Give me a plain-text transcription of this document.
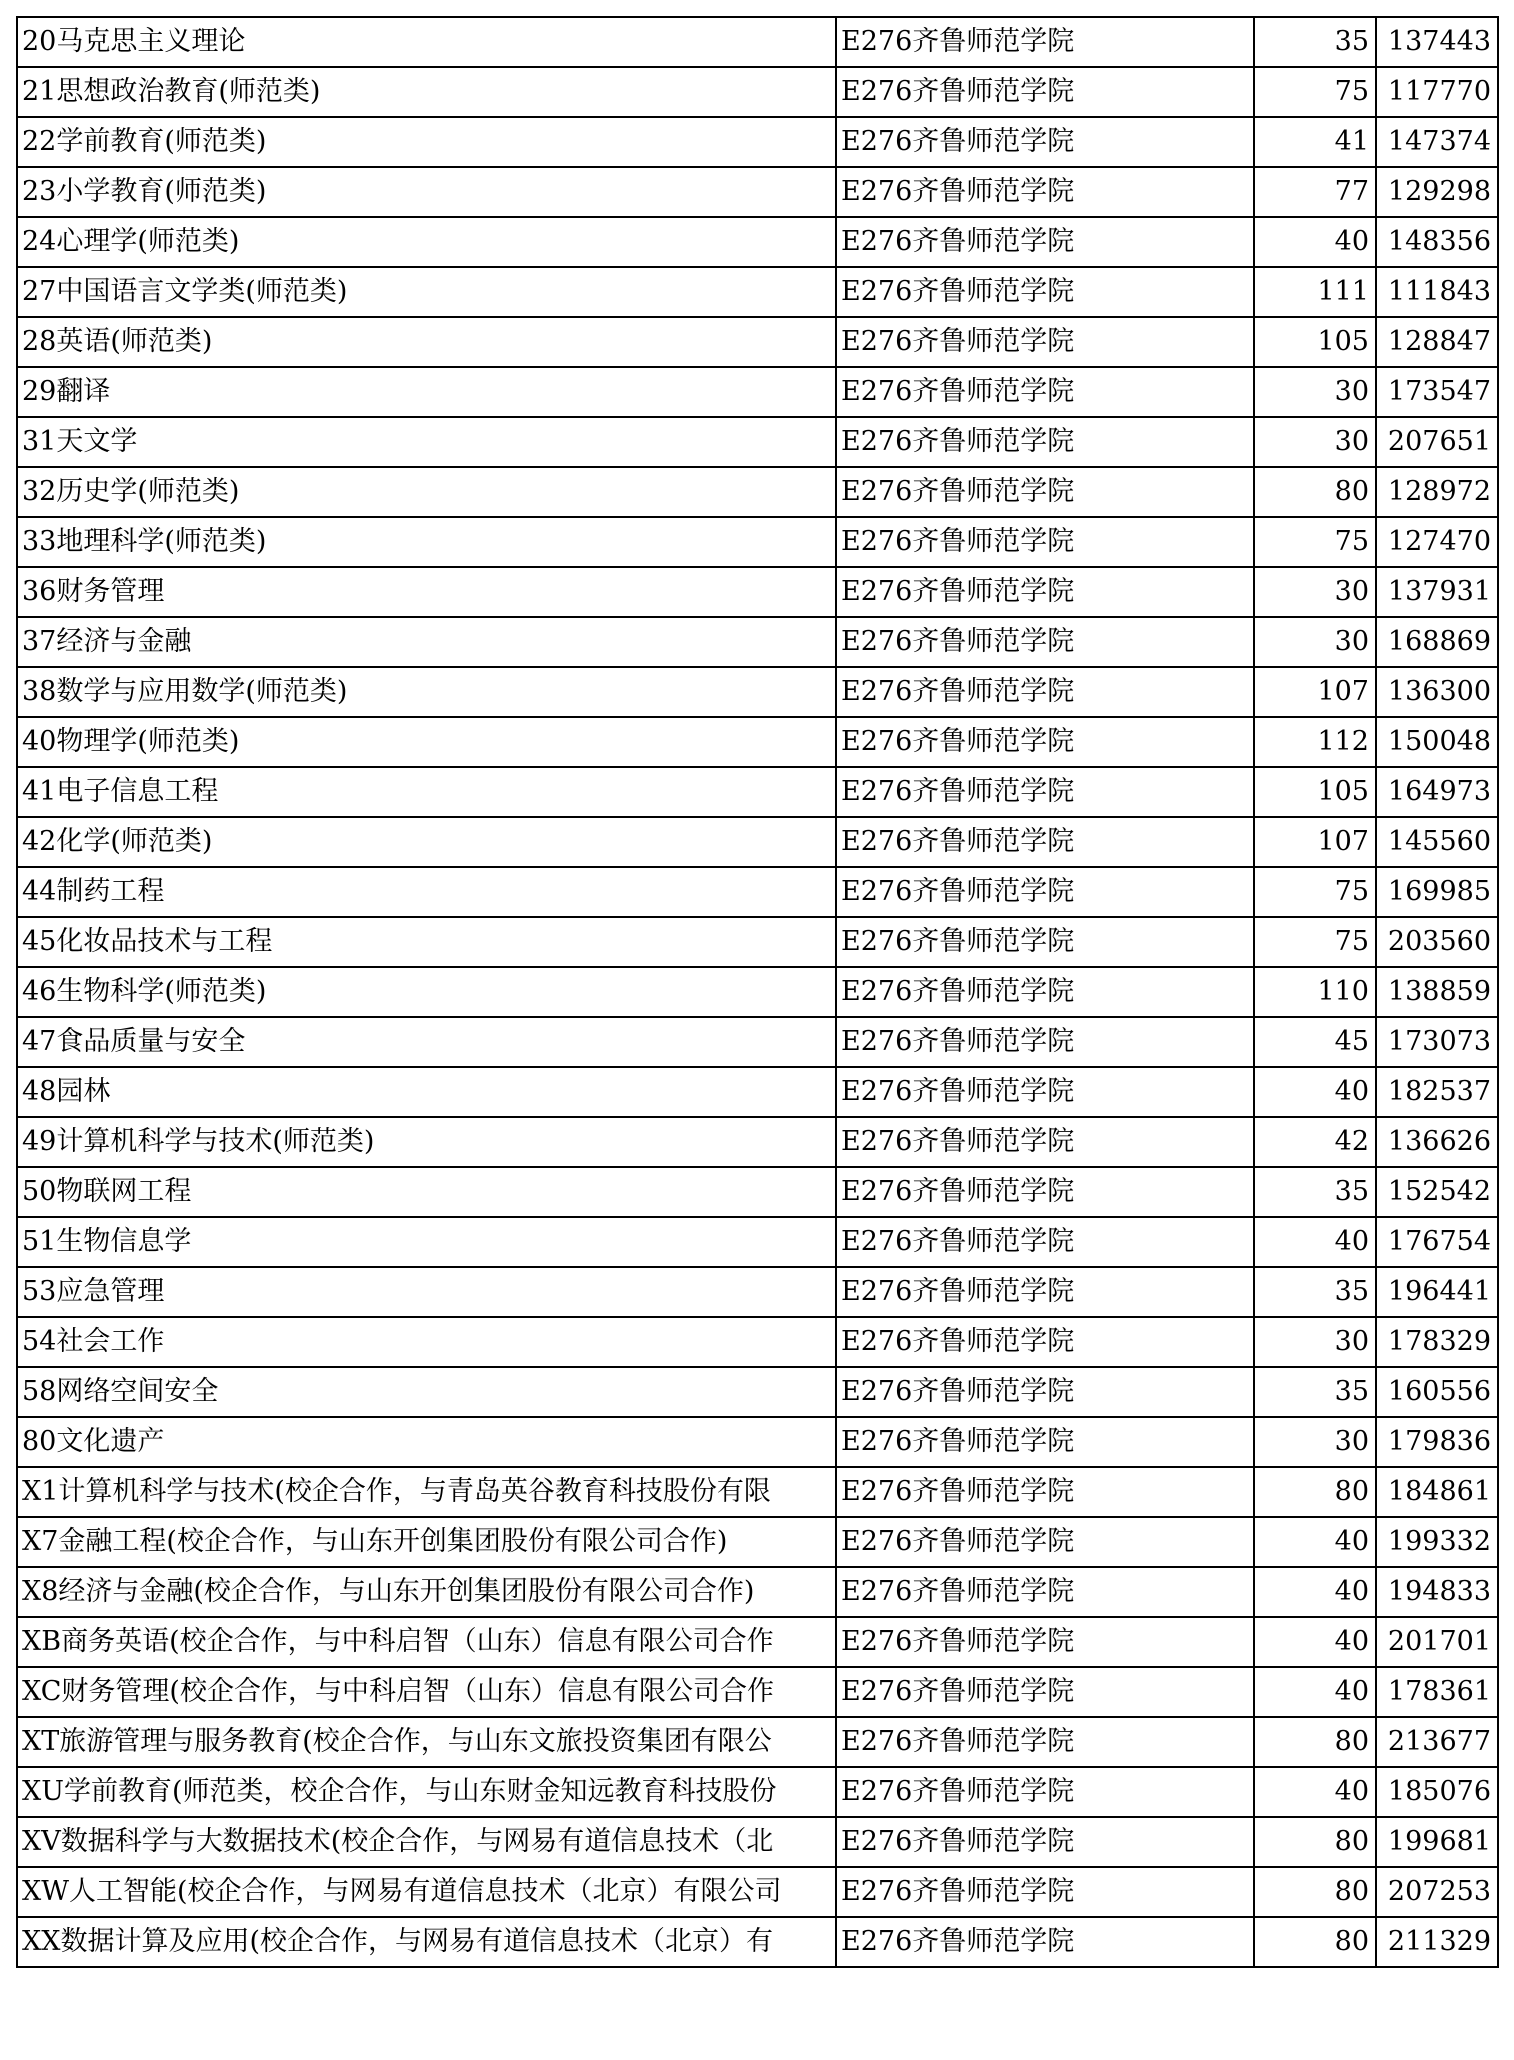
20马克思主义理论	E276齐鲁师范学院	35	137443
21思想政治教育(师范类)	E276齐鲁师范学院	75	117770
22学前教育(师范类)	E276齐鲁师范学院	41	147374
23小学教育(师范类)	E276齐鲁师范学院	77	129298
24心理学(师范类)	E276齐鲁师范学院	40	148356
27中国语言文学类(师范类)	E276齐鲁师范学院	111	111843
28英语(师范类)	E276齐鲁师范学院	105	128847
29翻译	E276齐鲁师范学院	30	173547
31天文学	E276齐鲁师范学院	30	207651
32历史学(师范类)	E276齐鲁师范学院	80	128972
33地理科学(师范类)	E276齐鲁师范学院	75	127470
36财务管理	E276齐鲁师范学院	30	137931
37经济与金融	E276齐鲁师范学院	30	168869
38数学与应用数学(师范类)	E276齐鲁师范学院	107	136300
40物理学(师范类)	E276齐鲁师范学院	112	150048
41电子信息工程	E276齐鲁师范学院	105	164973
42化学(师范类)	E276齐鲁师范学院	107	145560
44制药工程	E276齐鲁师范学院	75	169985
45化妆品技术与工程	E276齐鲁师范学院	75	203560
46生物科学(师范类)	E276齐鲁师范学院	110	138859
47食品质量与安全	E276齐鲁师范学院	45	173073
48园林	E276齐鲁师范学院	40	182537
49计算机科学与技术(师范类)	E276齐鲁师范学院	42	136626
50物联网工程	E276齐鲁师范学院	35	152542
51生物信息学	E276齐鲁师范学院	40	176754
53应急管理	E276齐鲁师范学院	35	196441
54社会工作	E276齐鲁师范学院	30	178329
58网络空间安全	E276齐鲁师范学院	35	160556
80文化遗产	E276齐鲁师范学院	30	179836
X1计算机科学与技术(校企合作，与青岛英谷教育科技股份有限	E276齐鲁师范学院	80	184861
X7金融工程(校企合作，与山东开创集团股份有限公司合作)	E276齐鲁师范学院	40	199332
X8经济与金融(校企合作，与山东开创集团股份有限公司合作)	E276齐鲁师范学院	40	194833
XB商务英语(校企合作，与中科启智（山东）信息有限公司合作	E276齐鲁师范学院	40	201701
XC财务管理(校企合作，与中科启智（山东）信息有限公司合作	E276齐鲁师范学院	40	178361
XT旅游管理与服务教育(校企合作，与山东文旅投资集团有限公	E276齐鲁师范学院	80	213677
XU学前教育(师范类，校企合作，与山东财金知远教育科技股份	E276齐鲁师范学院	40	185076
XV数据科学与大数据技术(校企合作，与网易有道信息技术（北	E276齐鲁师范学院	80	199681
XW人工智能(校企合作，与网易有道信息技术（北京）有限公司	E276齐鲁师范学院	80	207253
XX数据计算及应用(校企合作，与网易有道信息技术（北京）有	E276齐鲁师范学院	80	211329
